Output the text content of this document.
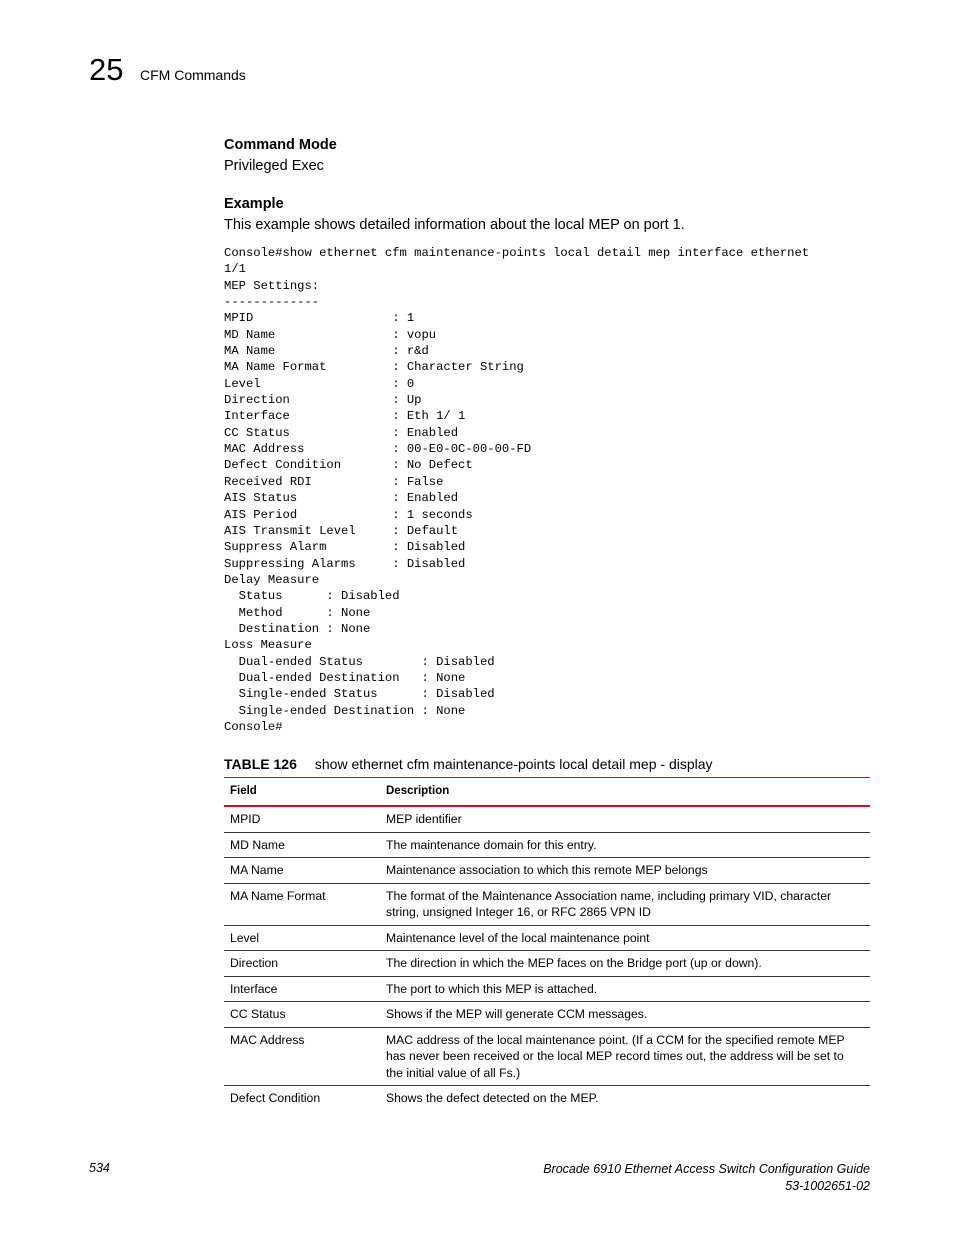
25 CFM Commands
Command Mode
Privileged Exec
Example
This example shows detailed information about the local MEP on port 1.
Console#show ethernet cfm maintenance-points local detail mep interface ethernet
1/1
MEP Settings:
-------------
MPID                   : 1
MD Name                : vopu
MA Name                : r&d
MA Name Format         : Character String
Level                  : 0
Direction              : Up
Interface              : Eth 1/ 1
CC Status              : Enabled
MAC Address            : 00-E0-0C-00-00-FD
Defect Condition       : No Defect
Received RDI           : False
AIS Status             : Enabled
AIS Period             : 1 seconds
AIS Transmit Level     : Default
Suppress Alarm         : Disabled
Suppressing Alarms     : Disabled
Delay Measure
Status      : Disabled
Method      : None
Destination : None
Loss Measure
Dual-ended Status        : Disabled
Dual-ended Destination   : None
Single-ended Status      : Disabled
Single-ended Destination : None
Console#
TABLE 126 show ethernet cfm maintenance-points local detail mep - display
Field	Description
MPID	MEP identifier
MD Name	The maintenance domain for this entry.
MA Name	Maintenance association to which this remote MEP belongs
MA Name Format	The format of the Maintenance Association name, including primary VID, character string, unsigned Integer 16, or RFC 2865 VPN ID
Level	Maintenance level of the local maintenance point
Direction	The direction in which the MEP faces on the Bridge port (up or down).
Interface	The port to which this MEP is attached.
CC Status	Shows if the MEP will generate CCM messages.
MAC Address	MAC address of the local maintenance point. (If a CCM for the specified remote MEP has never been received or the local MEP record times out, the address will be set to the initial value of all Fs.)
Defect Condition	Shows the defect detected on the MEP.
534	Brocade 6910 Ethernet Access Switch Configuration Guide
53-1002651-02
